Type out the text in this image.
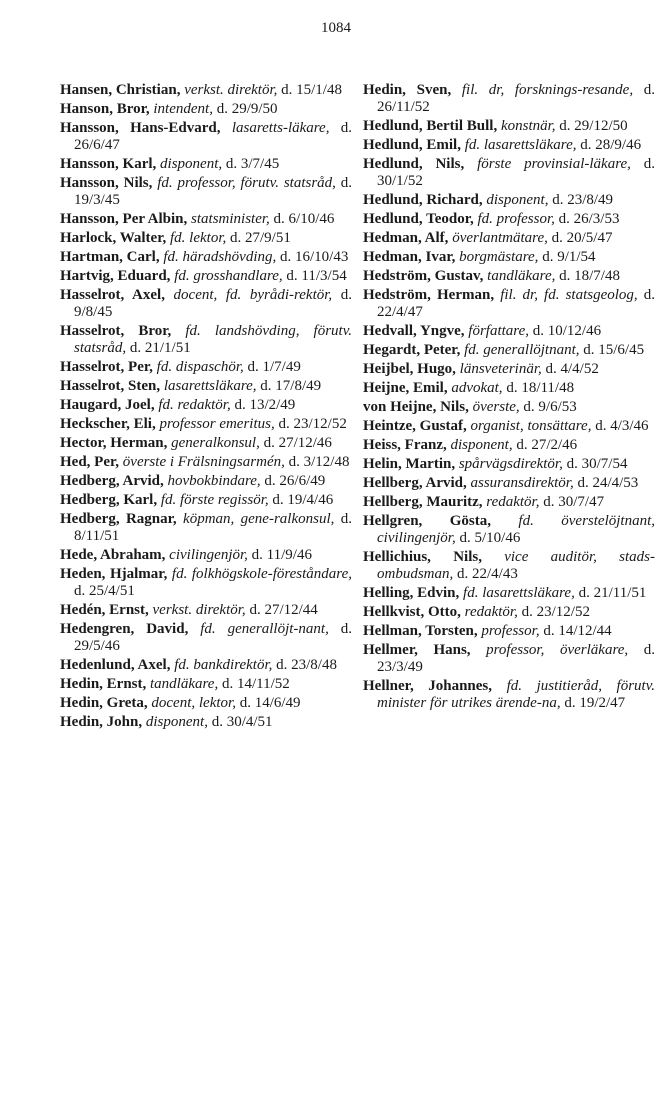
1084

Hansen, Christian, verkst. direktör, d. 15/1/48

Hanson, Bror, intendent, d. 29/9/50

Hansson, Hans-Edvard, lasaretts-läkare, d. 26/6/47

Hansson, Karl, disponent, d. 3/7/45

Hansson, Nils, fd. professor, förutv. statsråd, d. 19/3/45

Hansson, Per Albin, statsminister, d. 6/10/46

Harlock, Walter, fd. lektor, d. 27/9/51

Hartman, Carl, fd. häradshövding, d. 16/10/43

Hartvig, Eduard, fd. grosshandlare, d. 11/3/54

Hasselrot, Axel, docent, fd. byrådi-rektör, d. 9/8/45

Hasselrot, Bror, fd. landshövding, förutv. statsråd, d. 21/1/51

Hasselrot, Per, fd. dispaschör, d. 1/7/49

Hasselrot, Sten, lasarettsläkare, d. 17/8/49

Haugard, Joel, fd. redaktör, d. 13/2/49

Heckscher, Eli, professor emeritus, d. 23/12/52

Hector, Herman, generalkonsul, d. 27/12/46

Hed, Per, överste i Frälsningsarmén, d. 3/12/48

Hedberg, Arvid, hovbokbindare, d. 26/6/49

Hedberg, Karl, fd. förste regissör, d. 19/4/46

Hedberg, Ragnar, köpman, gene-ralkonsul, d. 8/11/51

Hede, Abraham, civilingenjör, d. 11/9/46

Heden, Hjalmar, fd. folkhögskole-föreståndare, d. 25/4/51

Hedén, Ernst, verkst. direktör, d. 27/12/44

Hedengren, David, fd. generallöjt-nant, d. 29/5/46

Hedenlund, Axel, fd. bankdirektör, d. 23/8/48

Hedin, Ernst, tandläkare, d. 14/11/52

Hedin, Greta, docent, lektor, d. 14/6/49

Hedin, John, disponent, d. 30/4/51

Hedin, Sven, fil. dr, forsknings-resande, d. 26/11/52

Hedlund, Bertil Bull, konstnär, d. 29/12/50

Hedlund, Emil, fd. lasarettsläkare, d. 28/9/46

Hedlund, Nils, förste provinsial-läkare, d. 30/1/52

Hedlund, Richard, disponent, d. 23/8/49

Hedlund, Teodor, fd. professor, d. 26/3/53

Hedman, Alf, överlantmätare, d. 20/5/47

Hedman, Ivar, borgmästare, d. 9/1/54

Hedström, Gustav, tandläkare, d. 18/7/48

Hedström, Herman, fil. dr, fd. statsgeolog, d. 22/4/47

Hedvall, Yngve, författare, d. 10/12/46

Hegardt, Peter, fd. generallöjtnant, d. 15/6/45

Heijbel, Hugo, länsveterinär, d. 4/4/52

Heijne, Emil, advokat, d. 18/11/48

von Heijne, Nils, överste, d. 9/6/53

Heintze, Gustaf, organist, tonsättare, d. 4/3/46

Heiss, Franz, disponent, d. 27/2/46

Helin, Martin, spårvägsdirektör, d. 30/7/54

Hellberg, Arvid, assuransdirektör, d. 24/4/53

Hellberg, Mauritz, redaktör, d. 30/7/47

Hellgren, Gösta, fd. överstelöjtnant, civilingenjör, d. 5/10/46

Hellichius, Nils, vice auditör, stads-ombudsman, d. 22/4/43

Helling, Edvin, fd. lasarettsläkare, d. 21/11/51

Hellkvist, Otto, redaktör, d. 23/12/52

Hellman, Torsten, professor, d. 14/12/44

Hellmer, Hans, professor, överläkare, d. 23/3/49

Hellner, Johannes, fd. justitieråd, förutv. minister för utrikes ärende-na, d. 19/2/47
